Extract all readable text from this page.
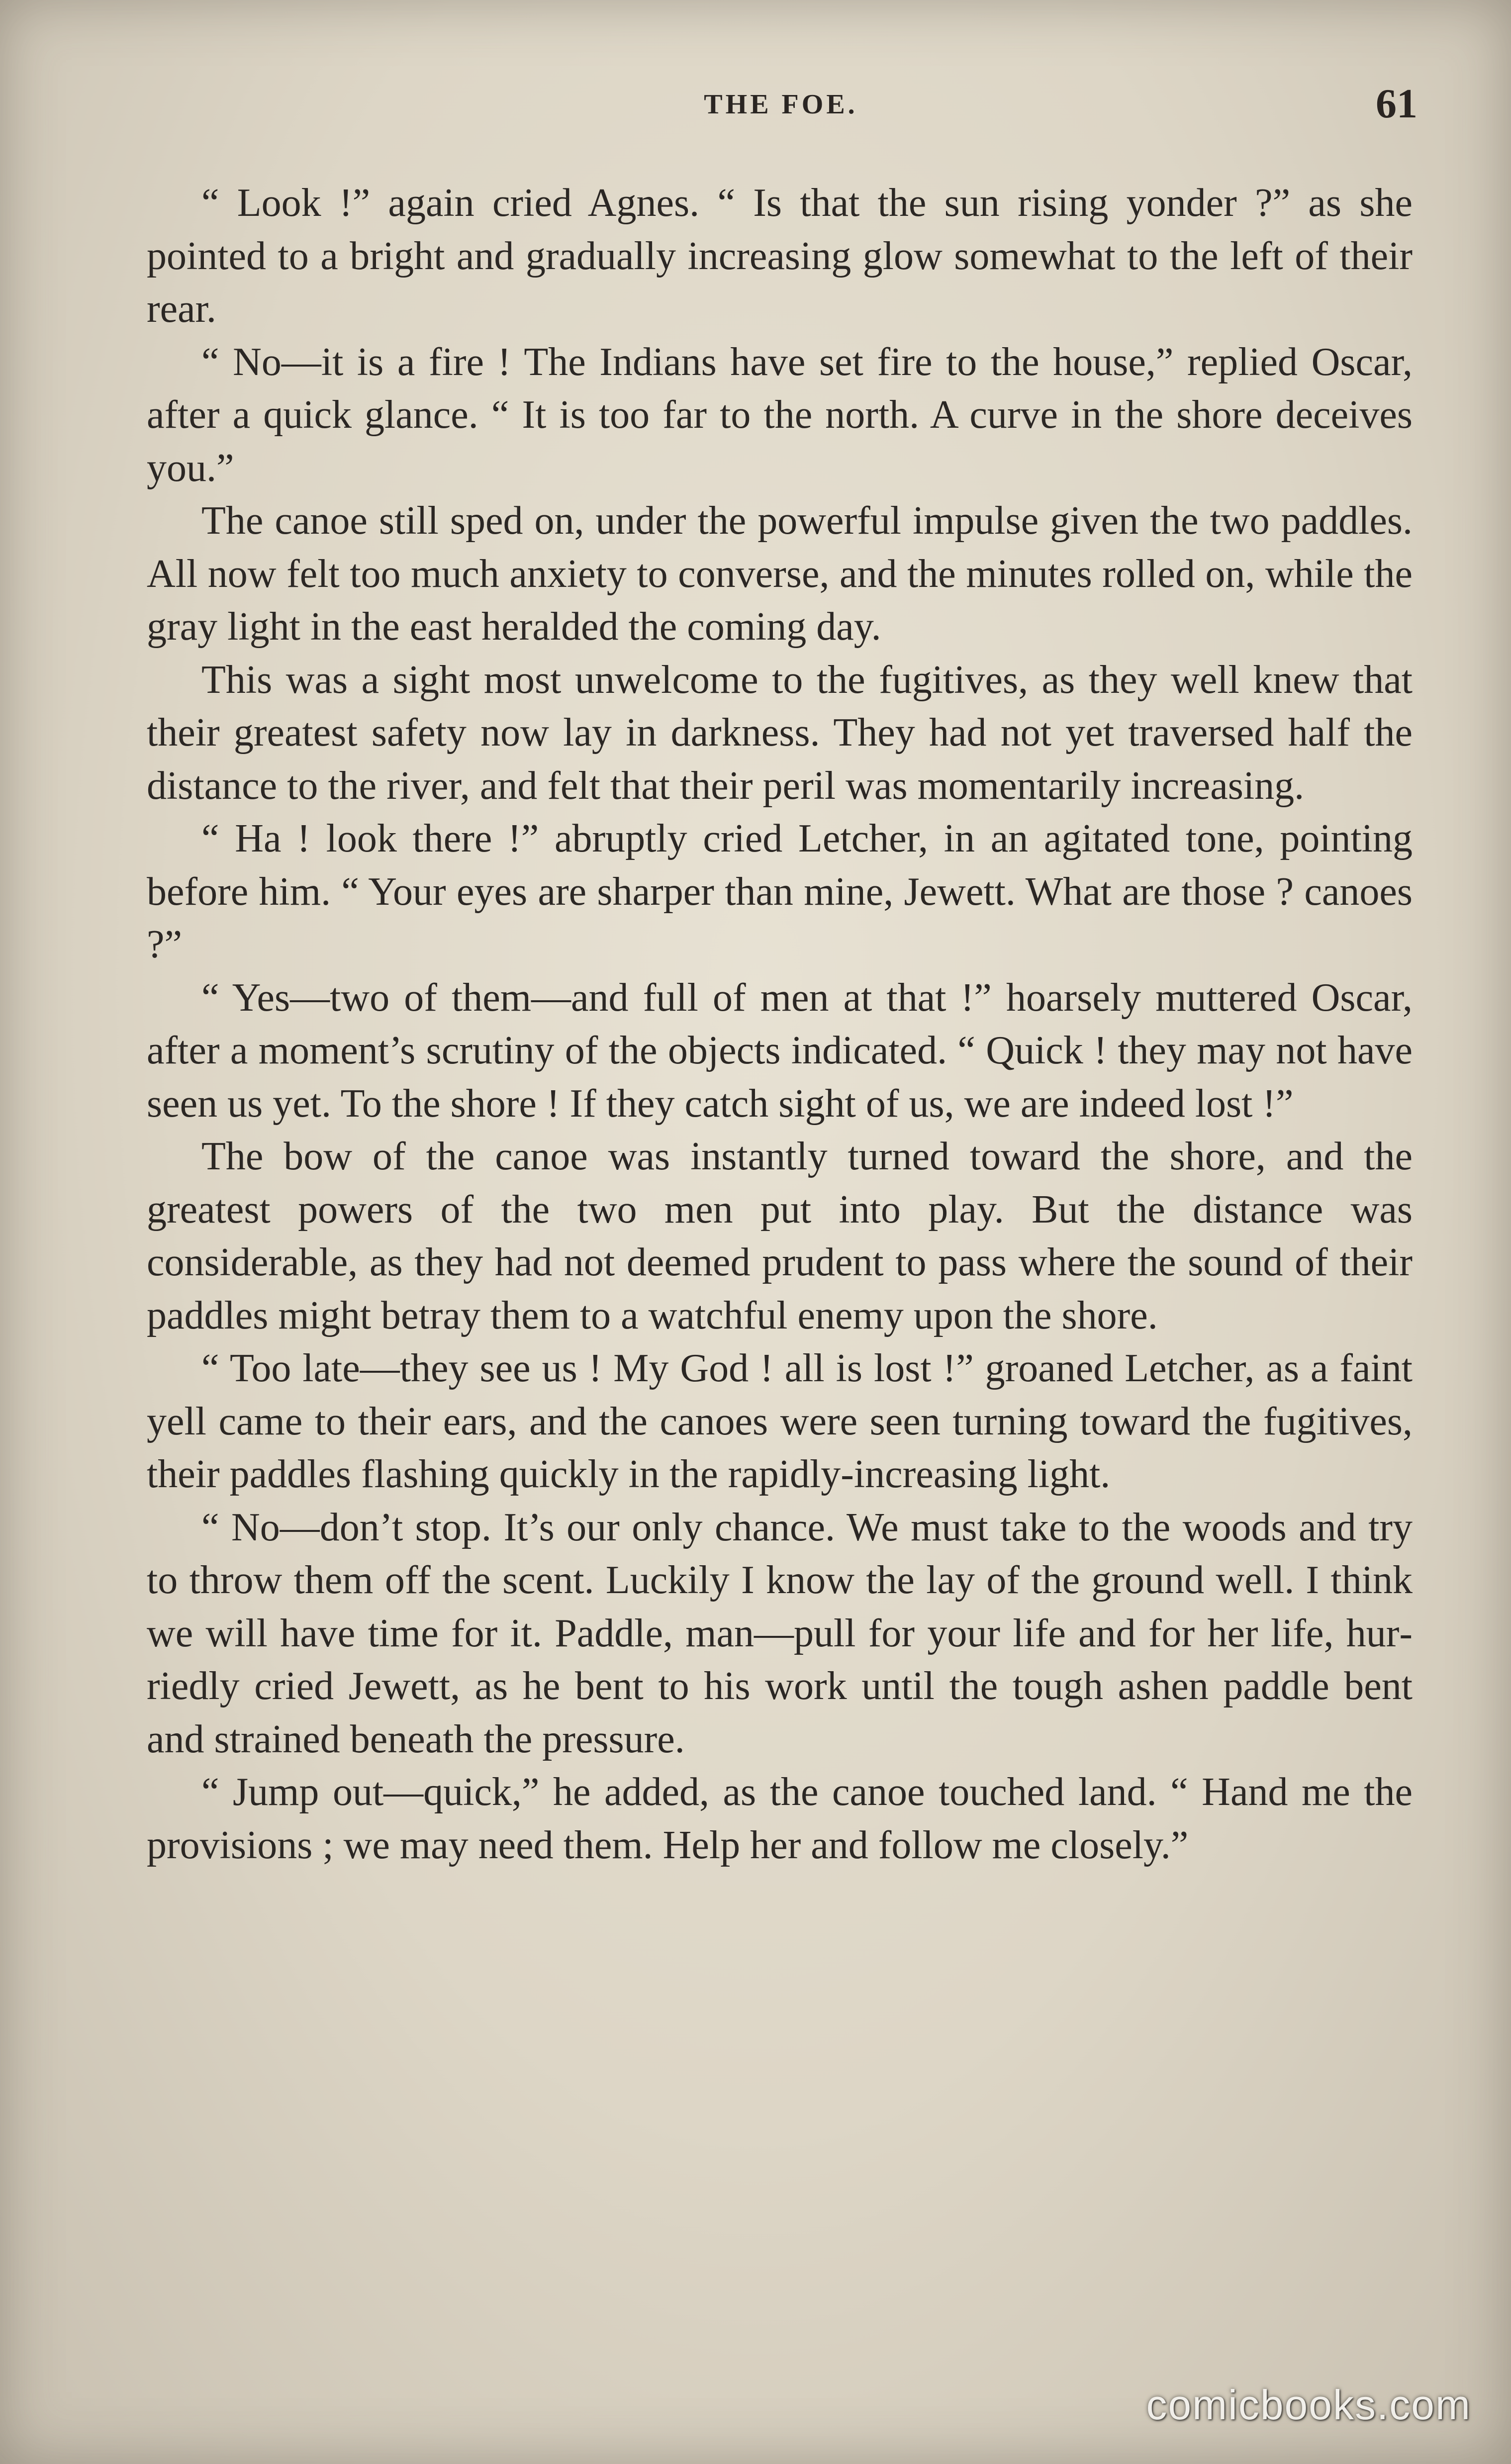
THE FOE.	61

“ Look !” again cried Agnes. “ Is that the sun rising yonder ?” as she pointed to a bright and gradually increasing glow somewhat to the left of their rear.

“ No—it is a fire ! The Indians have set fire to the house,” replied Oscar, after a quick glance. “ It is too far to the north. A curve in the shore deceives you.”

The canoe still sped on, under the powerful impulse given the two paddles. All now felt too much anxiety to converse, and the minutes rolled on, while the gray light in the east heralded the coming day.

This was a sight most unwelcome to the fugitives, as they well knew that their greatest safety now lay in darkness. They had not yet traversed half the distance to the river, and felt that their peril was momentarily increasing.

“ Ha ! look there !” abruptly cried Letcher, in an agitated tone, pointing before him. “ Your eyes are sharper than mine, Jewett. What are those ? canoes ?”

“ Yes—two of them—and full of men at that !” hoarsely muttered Oscar, after a moment’s scrutiny of the objects indicated. “ Quick ! they may not have seen us yet. To the shore ! If they catch sight of us, we are indeed lost !”

The bow of the canoe was instantly turned toward the shore, and the greatest powers of the two men put into play. But the distance was considerable, as they had not deemed prudent to pass where the sound of their paddles might betray them to a watchful enemy upon the shore.

“ Too late—they see us ! My God ! all is lost !” groaned Letcher, as a faint yell came to their ears, and the canoes were seen turning toward the fugitives, their paddles flashing quickly in the rapidly-increasing light.

“ No—don’t stop. It’s our only chance. We must take to the woods and try to throw them off the scent. Luckily I know the lay of the ground well. I think we will have time for it. Paddle, man—pull for your life and for her life, hurriedly cried Jewett, as he bent to his work until the tough ashen paddle bent and strained beneath the pressure.

“ Jump out—quick,” he added, as the canoe touched land. “ Hand me the provisions ; we may need them. Help her and follow me closely.”

comicbooks.com
